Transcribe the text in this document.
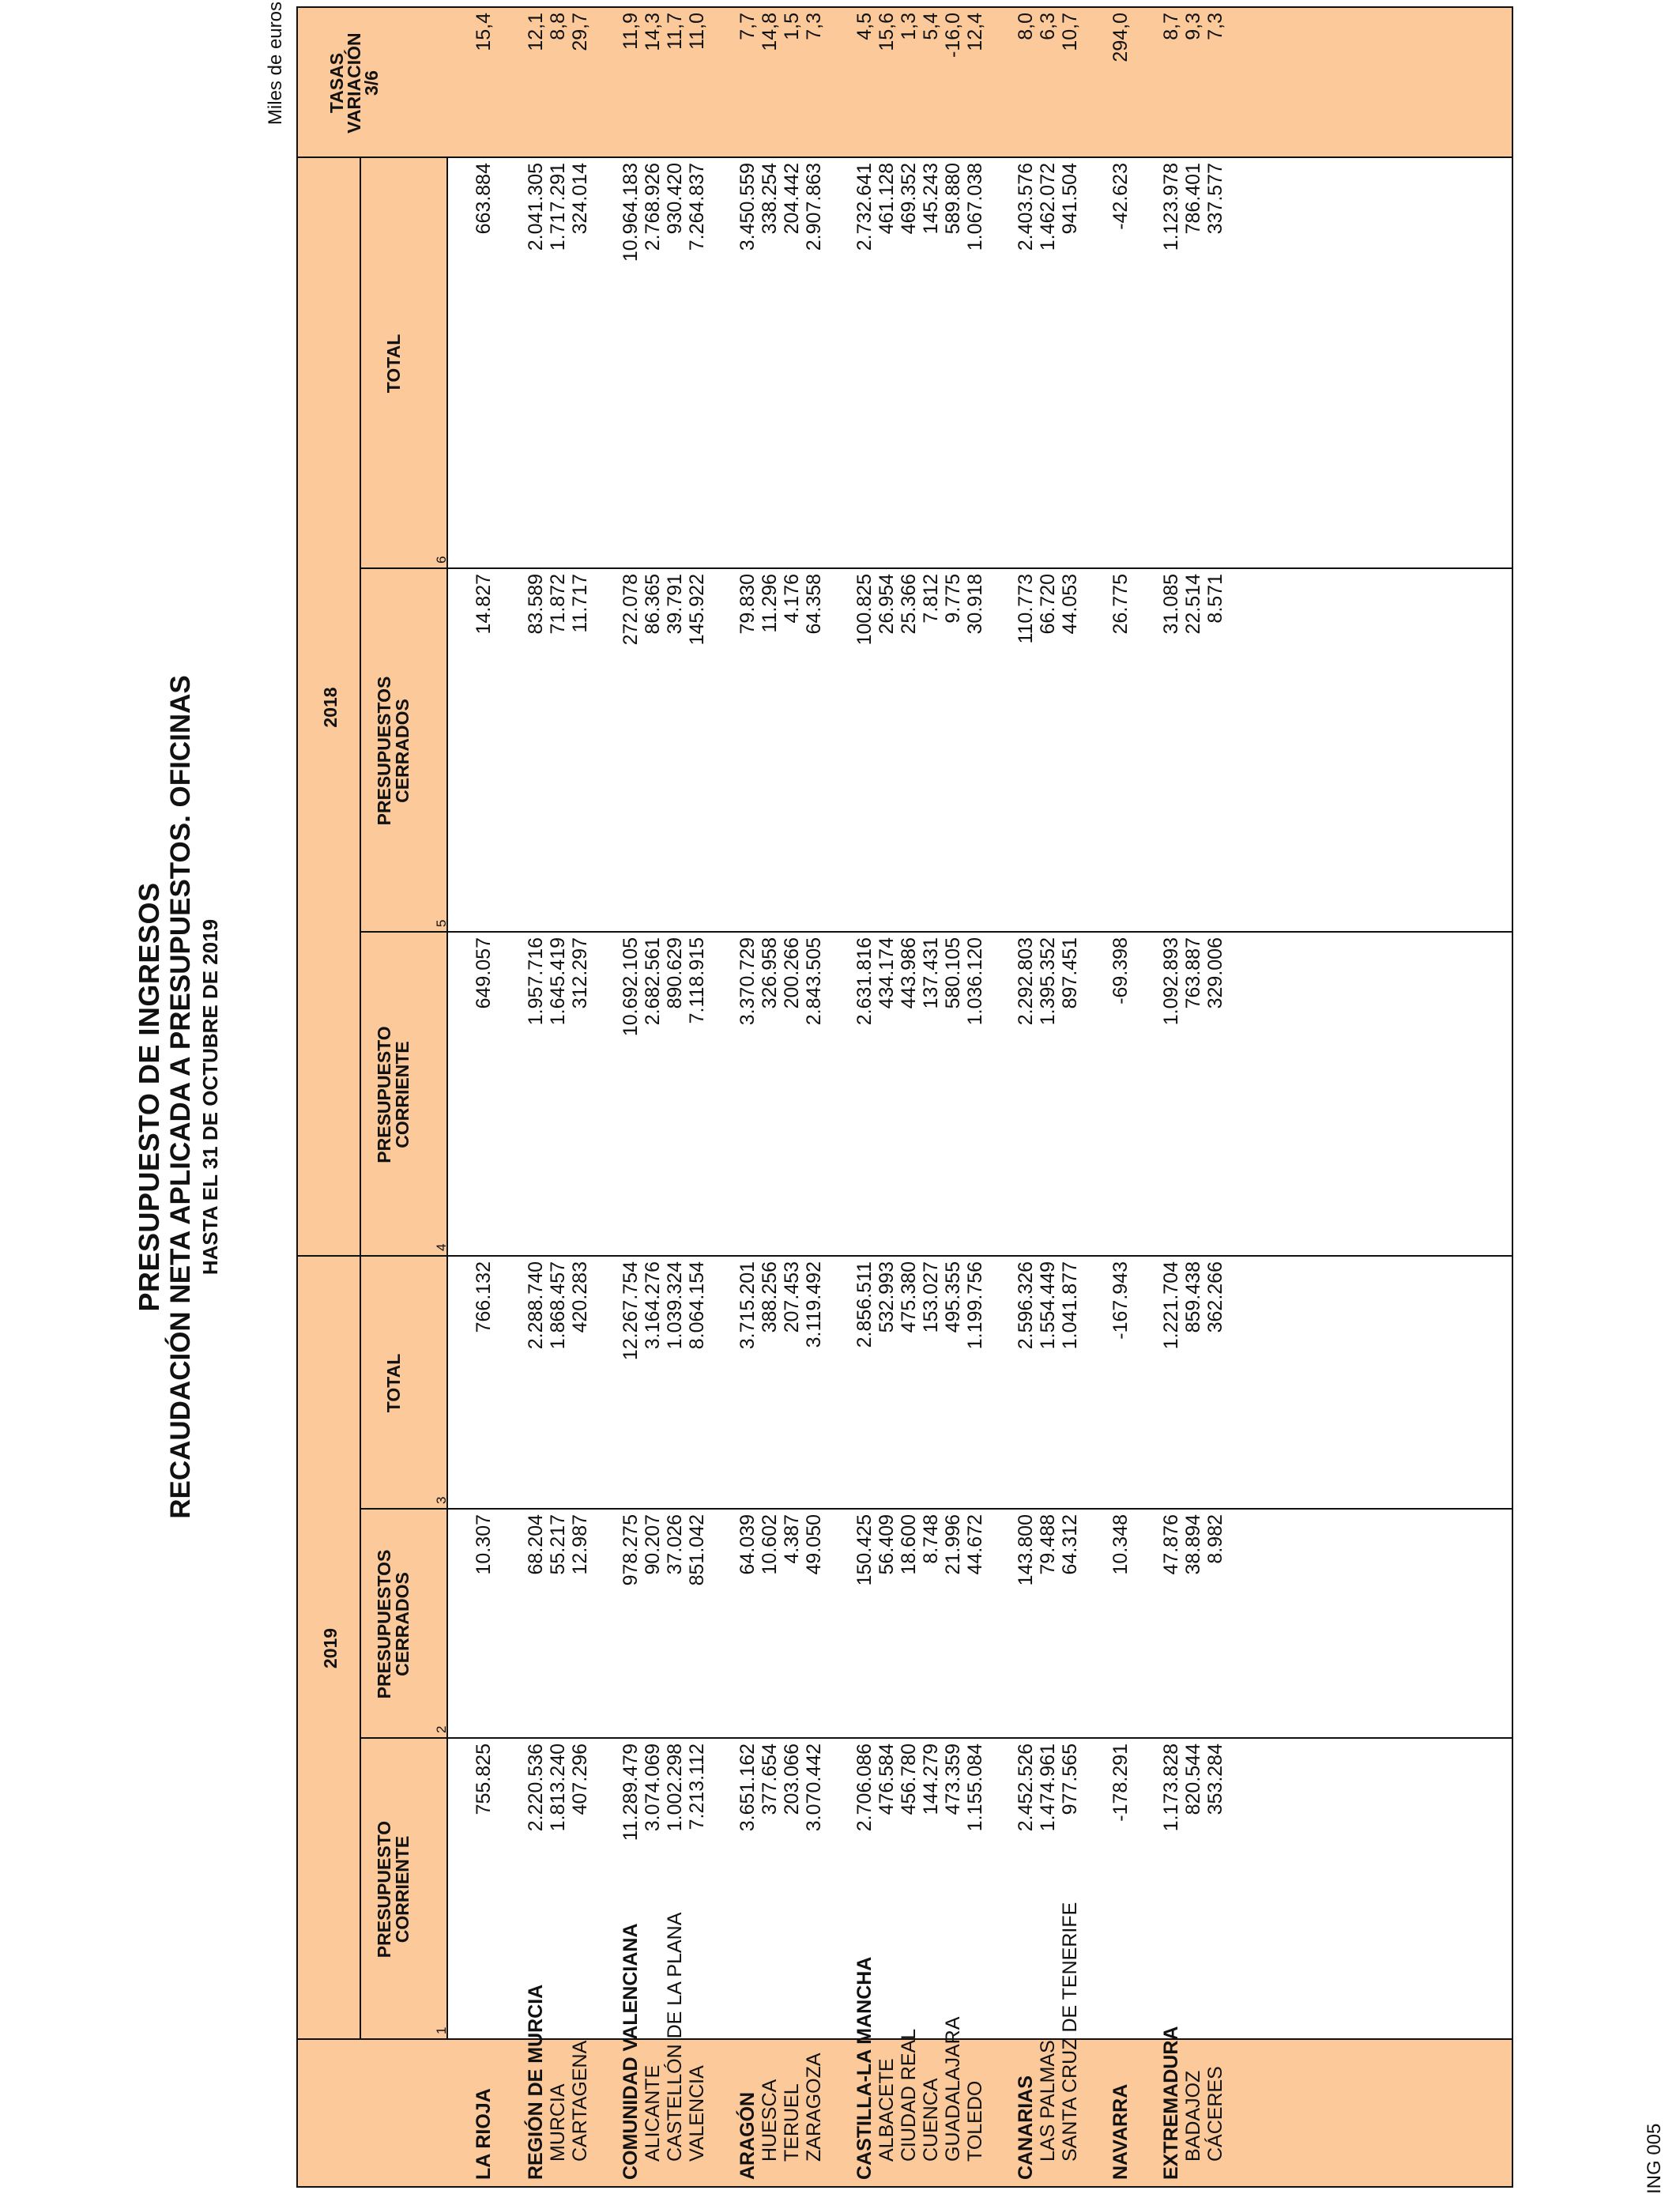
PRESUPUESTO DE INGRESOS RECAUDACIÓN NETA APLICADA A PRESUPUESTOS. OFICINAS HASTA EL 31 DE OCTUBRE DE 2019
Miles de euros
ING 005
2019
2018
PRESUPUESTO
CORRIENTE
PRESUPUESTOS
CERRADOS
TOTAL
PRESUPUESTO
CORRIENTE
PRESUPUESTOS
CERRADOS
TOTAL
TASAS
VARIACIÓN
3/6
1
2
3
4
5
6
LA RIOJA
755.825
10.307
766.132
649.057
14.827
663.884
15,4
REGIÓN DE MURCIA
2.220.536
68.204
2.288.740
1.957.716
83.589
2.041.305
12,1
MURCIA
1.813.240
55.217
1.868.457
1.645.419
71.872
1.717.291
8,8
CARTAGENA
407.296
12.987
420.283
312.297
11.717
324.014
29,7
COMUNIDAD VALENCIANA
11.289.479
978.275
12.267.754
10.692.105
272.078
10.964.183
11,9
ALICANTE
3.074.069
90.207
3.164.276
2.682.561
86.365
2.768.926
14,3
CASTELLÓN DE LA PLANA
1.002.298
37.026
1.039.324
890.629
39.791
930.420
11,7
VALENCIA
7.213.112
851.042
8.064.154
7.118.915
145.922
7.264.837
11,0
ARAGÓN
3.651.162
64.039
3.715.201
3.370.729
79.830
3.450.559
7,7
HUESCA
377.654
10.602
388.256
326.958
11.296
338.254
14,8
TERUEL
203.066
4.387
207.453
200.266
4.176
204.442
1,5
ZARAGOZA
3.070.442
49.050
3.119.492
2.843.505
64.358
2.907.863
7,3
CASTILLA-LA MANCHA
2.706.086
150.425
2.856.511
2.631.816
100.825
2.732.641
4,5
ALBACETE
476.584
56.409
532.993
434.174
26.954
461.128
15,6
CIUDAD REAL
456.780
18.600
475.380
443.986
25.366
469.352
1,3
CUENCA
144.279
8.748
153.027
137.431
7.812
145.243
5,4
GUADALAJARA
473.359
21.996
495.355
580.105
9.775
589.880
-16,0
TOLEDO
1.155.084
44.672
1.199.756
1.036.120
30.918
1.067.038
12,4
CANARIAS
2.452.526
143.800
2.596.326
2.292.803
110.773
2.403.576
8,0
LAS PALMAS
1.474.961
79.488
1.554.449
1.395.352
66.720
1.462.072
6,3
SANTA CRUZ DE TENERIFE
977.565
64.312
1.041.877
897.451
44.053
941.504
10,7
NAVARRA
-178.291
10.348
-167.943
-69.398
26.775
-42.623
294,0
EXTREMADURA
1.173.828
47.876
1.221.704
1.092.893
31.085
1.123.978
8,7
BADAJOZ
820.544
38.894
859.438
763.887
22.514
786.401
9,3
CÁCERES
353.284
8.982
362.266
329.006
8.571
337.577
7,3
